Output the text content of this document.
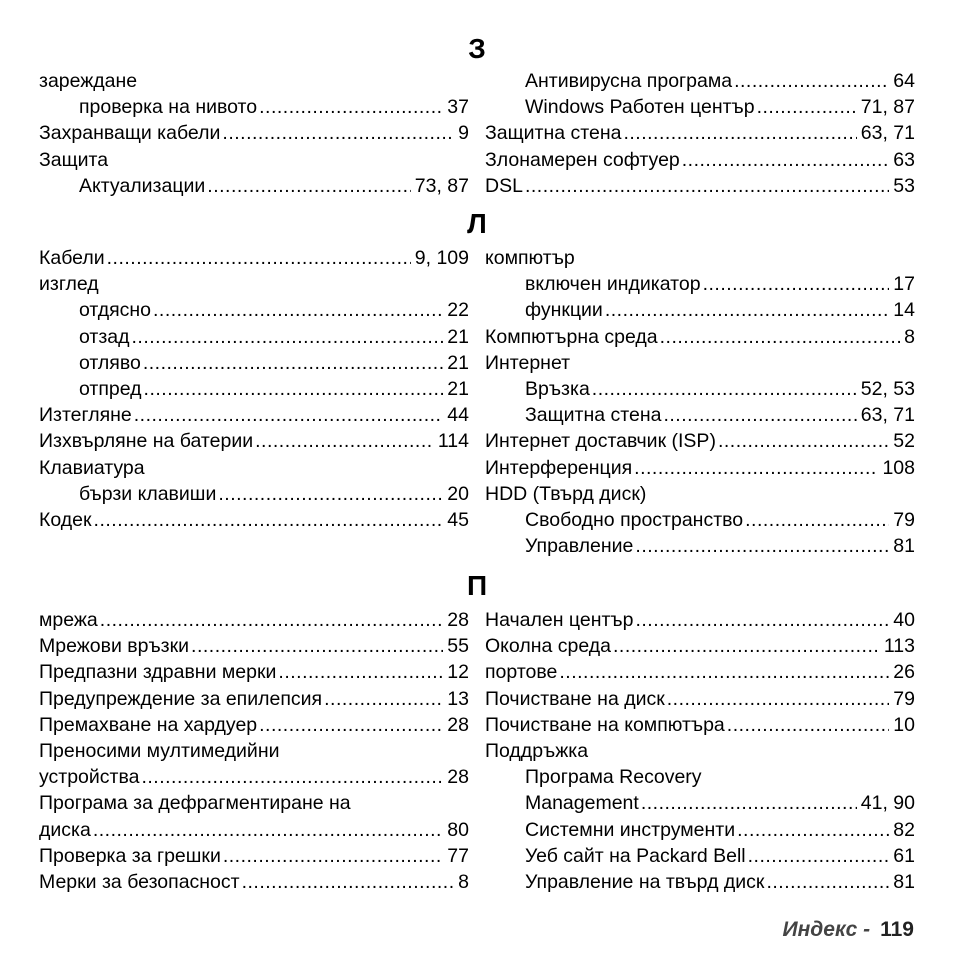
З
зареждане
проверка на нивото .....	37
Захранващи кабели .....	9
Защита
Актуализации .....	73, 87
Антивирусна програма .....	64
Windows Работен център .....	71, 87
Защитна стена .....	63, 71
Злонамерен софтуер .....	63
DSL .....	53
Л
Кабели .....	9, 109
изглед
отдясно .....	22
отзад .....	21
отляво .....	21
отпред .....	21
Изтегляне .....	44
Изхвърляне на батерии .....	114
Клавиатура
бързи клавиши .....	20
Кодек .....	45
компютър
включен индикатор .....	17
функции .....	14
Компютърна среда .....	8
Интернет
Връзка .....	52, 53
Защитна стена .....	63, 71
Интернет доставчик (ISP) .....	52
Интерференция .....	108
HDD (Твърд диск)
Свободно пространство .....	79
Управление .....	81
П
мрежа .....	28
Мрежови връзки .....	55
Предпазни здравни мерки .....	12
Предупреждение за епилепсия .....	13
Премахване на хардуер .....	28
Преносими мултимедийни
устройства .....	28
Програма за дефрагментиране на
диска .....	80
Проверка за грешки .....	77
Мерки за безопасност .....	8
Начален център .....	40
Околна среда .....	113
портове .....	26
Почистване на диск .....	79
Почистване на компютъра .....	10
Поддръжка
Програма Recovery
Management .....	41, 90
Системни инструменти .....	82
Уеб сайт на Packard Bell .....	61
Управление на твърд диск .....	81
Индекс - 119
